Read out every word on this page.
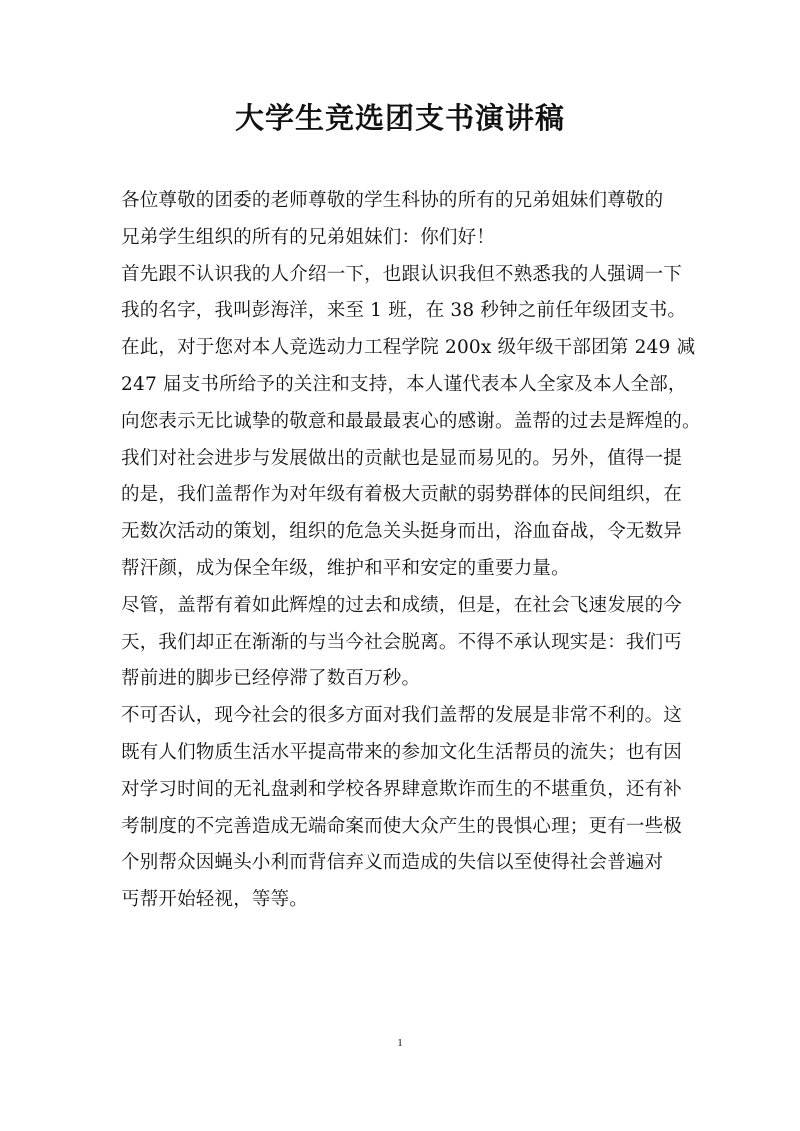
大学生竞选团支书演讲稿
各位尊敬的团委的老师尊敬的学生科协的所有的兄弟姐妹们尊敬的
兄弟学生组织的所有的兄弟姐妹们：你们好！
首先跟不认识我的人介绍一下，也跟认识我但不熟悉我的人强调一下
我的名字，我叫彭海洋，来至 1 班，在 38 秒钟之前任年级团支书。
在此，对于您对本人竞选动力工程学院 200x 级年级干部团第 249 减
247 届支书所给予的关注和支持，本人谨代表本人全家及本人全部，
向您表示无比诚挚的敬意和最最最衷心的感谢。盖帮的过去是辉煌的。
我们对社会进步与发展做出的贡献也是显而易见的。另外，值得一提
的是，我们盖帮作为对年级有着极大贡献的弱势群体的民间组织，在
无数次活动的策划，组织的危急关头挺身而出，浴血奋战，令无数异
帮汗颜，成为保全年级，维护和平和安定的重要力量。
尽管，盖帮有着如此辉煌的过去和成绩，但是，在社会飞速发展的今
天，我们却正在渐渐的与当今社会脱离。不得不承认现实是：我们丐
帮前进的脚步已经停滞了数百万秒。
不可否认，现今社会的很多方面对我们盖帮的发展是非常不利的。这
既有人们物质生活水平提高带来的参加文化生活帮员的流失；也有因
对学习时间的无礼盘剥和学校各界肆意欺诈而生的不堪重负，还有补
考制度的不完善造成无端命案而使大众产生的畏惧心理；更有一些极
个别帮众因蝇头小利而背信弃义而造成的失信以至使得社会普遍对
丐帮开始轻视，等等。
1
